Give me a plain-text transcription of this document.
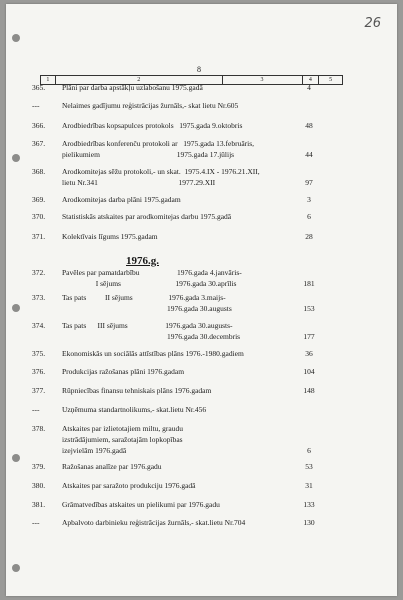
26
8
1	2	3	4	5
1976.g.
365.	Plāni par darba apstākļu uzlabošanu 1975.gadā	4
---	Nelaimes gadījumu reģistrācijas žurnāls,- skat lietu Nr.605
366.	Arodbiedrības kopsapulces protokols   1975.gada 9.oktobris	48
367.	Arodbiedrības konferenču protokoli ar   1975.gada 13.februāris,
pielikumiem                                         1975.gada 17.jūlijs	44
368.	Arodkomitejas sēžu protokoli,- un skat.  1975.4.IX - 1976.21.XII,
lietu Nr.341                                           1977.29.XII	97
369.	Arodkomitejas darba plāni 1975.gadam	3
370.	Statistiskās atskaites par arodkomitejas darbu 1975.gadā	6
371.	Kolektīvais līgums 1975.gadam	28
372.	Pavēles par pamatdarbību                    1976.gada 4.janvāris-
I sējums                             1976.gada 30.aprīlis	181
373.	Tas pats          II sējums                   1976.gada 3.maijs-
1976.gada 30.augusts	153
374.	Tas pats      III sējums                    1976.gada 30.augusts-
1976.gada 30.decembris	177
375.	Ekonomiskās un sociālās attīstības plāns 1976.-1980.gadiem	36
376.	Produkcijas ražošanas plāni 1976.gadam	104
377.	Rūpniecības finansu tehniskais plāns 1976.gadam	148
---	Uzņēmuma standartnolikums,- skat.lietu Nr.456
378.	Atskaites par izlietotajiem miltu, graudu
izstrādājumiem, saražotajām lopkopības
izejvielām 1976.gadā	6
379.	Ražošanas analīze par 1976.gadu	53
380.	Atskaites par saražoto produkciju 1976.gadā	31
381.	Grāmatvedības atskaites un pielikumi par 1976.gadu	133
---	Apbalvoto darbinieku reģistrācijas žurnāls,- skat.lietu Nr.704	130
